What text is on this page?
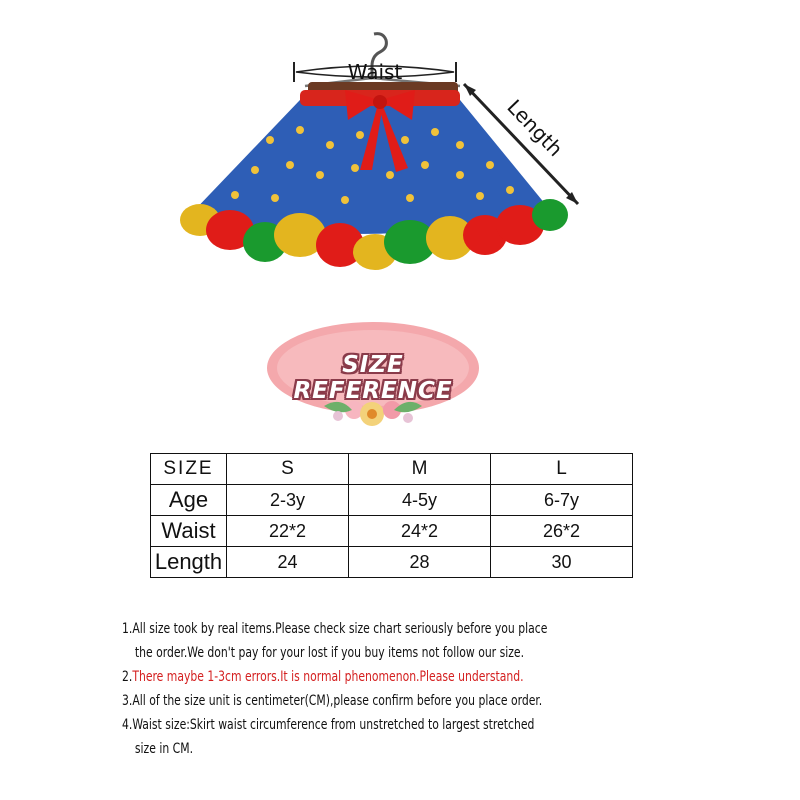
Waist
Length
SIZE REFERENCE
SIZE	S	M	L
Age	2-3y	4-5y	6-7y
Waist	22*2	24*2	26*2
Length	24	28	30

1.All size took by real items.Please check size chart seriously before you place

the order.We don't pay for your lost if you buy items not follow our size.

2.There maybe 1-3cm errors.It is normal phenomenon.Please understand.

3.All of the size unit is centimeter(CM),please confirm before you place order.

4.Waist size:Skirt waist circumference from unstretched to largest stretched

size in CM.
